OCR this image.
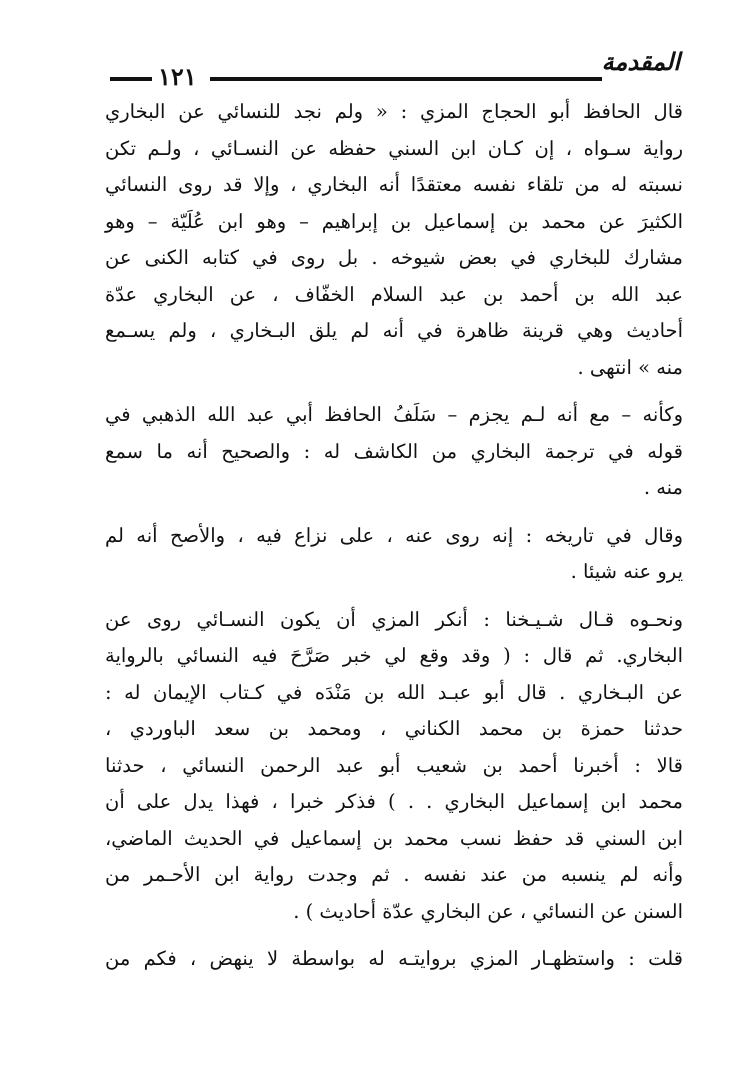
١٢١
المقدمة

قال الحافظ أبو الحجاج المزي : « ولم نجد للنسائي عن البخاري
رواية سـواه ، إن كـان ابن السني حفظه عن النسـائي ، ولـم تكن
نسبته له من تلقاء نفسه معتقدًا أنه البخاري ، وإلا قد روى النسائي
الكثيرَ عن محمد بن إسماعيل بن إبراهيم – وهو ابن عُلَيّة – وهو
مشارك للبخاري في بعض شيوخه . بل روى في كتابه الكنى عن
عبد الله بن أحمد بن عبد السلام الخفّاف ، عن البخاري عدّة
أحاديث وهي قرينة ظاهرة في أنه لم يلق البـخاري ، ولم يسـمع
منه » انتهى .

وكأنه – مع أنه لـم يجزم – سَلَفُ الحافظ أبي عبد الله الذهبي في
قوله في ترجمة البخاري من الكاشف له : والصحيح أنه ما سمع
منه .

وقال في تاريخه : إنه روى عنه ، على نزاع فيه ، والأصح أنه لم
يرو عنه شيئا .

ونحـوه قـال شـيـخنا : أنكر المزي أن يكون النسـائي روى عن
البخاري. ثم قال : ( وقد وقع لي خبر صَرَّحَ فيه النسائي بالرواية
عن البـخاري . قال أبو عبـد الله بن مَنْدَه في كـتاب الإيمان له :
حدثنا حمزة بن محمد الكناني ، ومحمد بن سعد الباوردي ،
قالا : أخبرنا أحمد بن شعيب أبو عبد الرحمن النسائي ، حدثنا
محمد ابن إسماعيل البخاري . . ) فذكر خبرا ، فهذا يدل على أن
ابن السني قد حفظ نسب محمد بن إسماعيل في الحديث الماضي،
وأنه لم ينسبه من عند نفسه . ثم وجدت رواية ابن الأحـمر من
السنن عن النسائي ، عن البخاري عدّة أحاديث ) .

قلت : واستظهـار المزي بروايتـه له بواسطة لا ينهض ، فكم من
